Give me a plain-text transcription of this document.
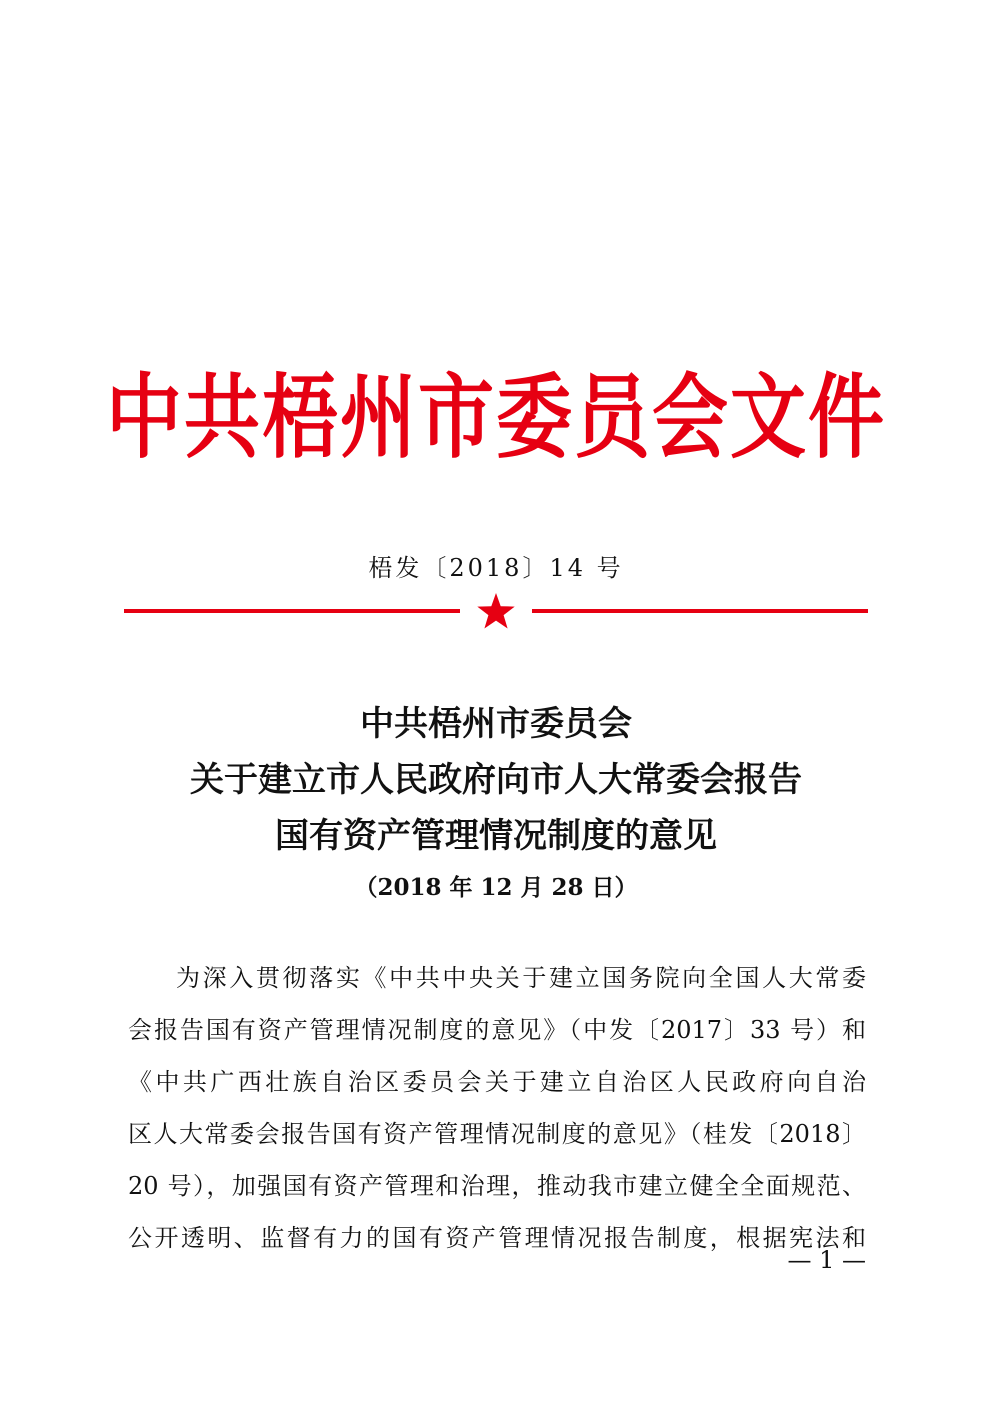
中共梧州市委员会文件
梧发〔2018〕14 号
中共梧州市委员会
关于建立市人民政府向市人大常委会报告
国有资产管理情况制度的意见
（2018 年 12 月 28 日）
为深入贯彻落实《中共中央关于建立国务院向全国人大常委
会报告国有资产管理情况制度的意见》（中发〔2017〕33 号）和
《中共广西壮族自治区委员会关于建立自治区人民政府向自治
区人大常委会报告国有资产管理情况制度的意见》（桂发〔2018〕
20 号），加强国有资产管理和治理，推动我市建立健全全面规范、
公开透明、监督有力的国有资产管理情况报告制度，根据宪法和
— 1 —
